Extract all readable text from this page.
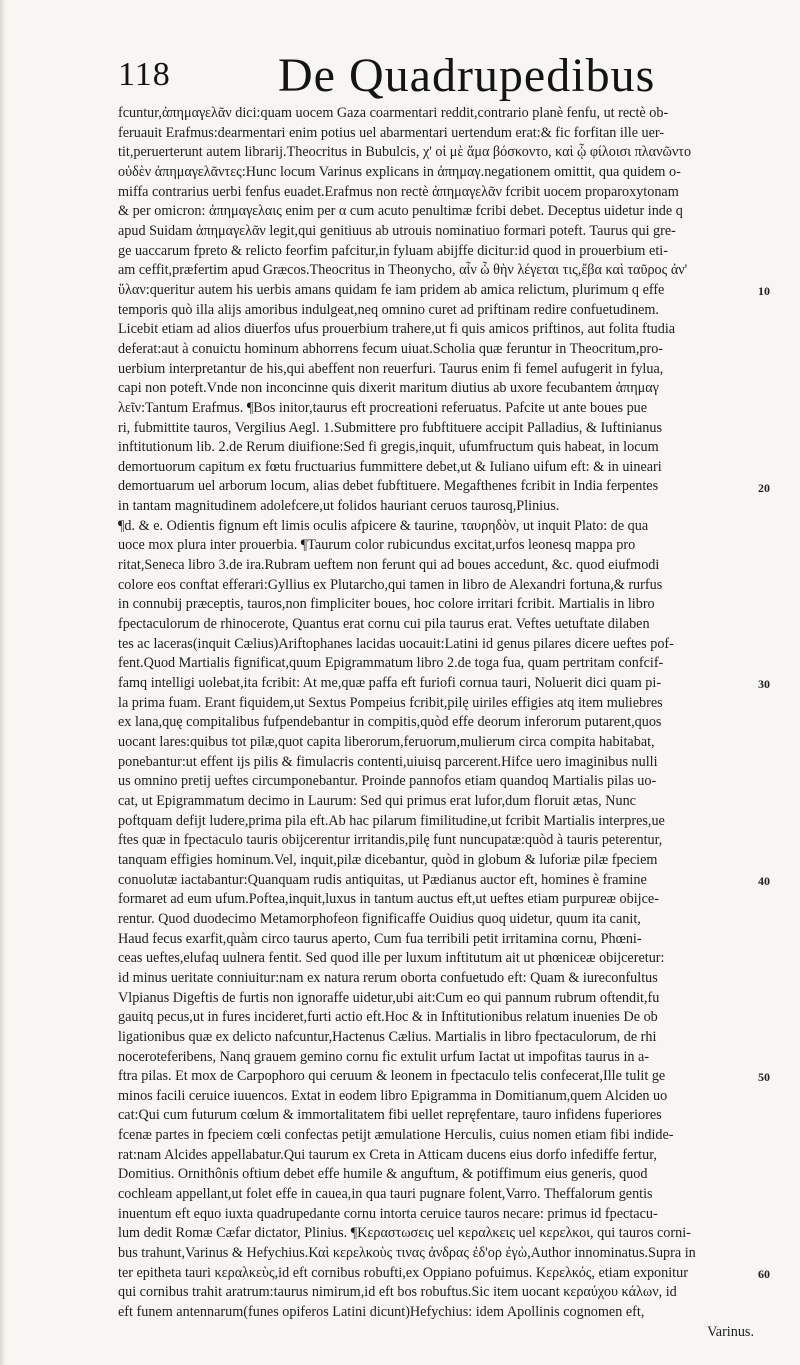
118 De Quadrupedibus
fcuntur,ἀπημαγελᾶν dici:quam uocem Gaza coarmentari reddit,contrario planè fenfu, ut rectè ob-
feruauit Erafmus:dearmentari enim potius uel abarmentari uertendum erat:& fic forfitan ille uer-
tit,peruerterunt autem librarij.Theocritus in Bubulcis, χ' οἱ μὲ ἄμα βόσκοντο, καὶ ᾧ φίλοισι πλανῶντο
οὐδὲν ἀπημαγελᾶντες:Hunc locum Varinus explicans in ἀπημαγ.negationem omittit, qua quidem o-
miffa contrarius uerbi fenfus euadet.Erafmus non rectè ἀπημαγελᾶν fcribit uocem proparoxytonam
& per omicron: ἀπημαγελαις enim per α cum acuto penultimæ fcribi debet. Deceptus uidetur inde q
apud Suidam ἀπημαγελᾶν legit,qui genitiuus ab utrouis nominatiuo formari poteft. Taurus qui gre-
ge uaccarum fpreto & relicto feorfim pafcitur,in fyluam abijffe dicitur:id quod in prouerbium eti-
am ceffit,præfertim apud Græcos.Theocritus in Theonycho, αἶν ὧ θὴν λέγεται τις,ἔβα καὶ ταῦρος ἀν'
ὕλαν:queritur autem his uerbis amans quidam fe iam pridem ab amica relictum, plurimum q effe
temporis quò illa alijs amoribus indulgeat,neq omnino curet ad priftinam redire confuetudinem.
Licebit etiam ad alios diuerfos ufus prouerbium trahere,ut fi quis amicos priftinos, aut folita ftudia
deferat:aut à conuictu hominum abhorrens fecum uiuat.Scholia quæ feruntur in Theocritum,pro-
uerbium interpretantur de his,qui abeffent non reuerfuri. Taurus enim fi femel aufugerit in fylua,
capi non poteft.Vnde non inconcinne quis dixerit maritum diutius ab uxore fecubantem ἀπημαγ
λεῖν:Tantum Erafmus. ¶Bos initor,taurus eft procreationi referuatus. Pafcite ut ante boues pue
ri, fubmittite tauros, Vergilius Aegl. 1.Submittere pro fubftituere accipit Palladius, & Iuftinianus
inftitutionum lib. 2.de Rerum diuifione:Sed fi gregis,inquit, ufumfructum quis habeat, in locum
demortuorum capitum ex fœtu fructuarius fummittere debet,ut & Iuliano uifum eft: & in uineari
demortuarum uel arborum locum, alias debet fubftituere. Megafthenes fcribit in India ferpentes
in tantam magnitudinem adolefcere,ut folidos hauriant ceruos taurosq,Plinius.
¶d. & e. Odientis fignum eft limis oculis afpicere & taurine, ταυρηδὸν, ut inquit Plato: de qua
uoce mox plura inter prouerbia. ¶Taurum color rubicundus excitat,urfos leonesq mappa pro
ritat,Seneca libro 3.de ira.Rubram ueftem non ferunt qui ad boues accedunt, &c. quod eiufmodi
colore eos conftat efferari:Gyllius ex Plutarcho,qui tamen in libro de Alexandri fortuna,& rurfus
in connubij præceptis, tauros,non fimpliciter boues, hoc colore irritari fcribit. Martialis in libro
fpectaculorum de rhinocerote, Quantus erat cornu cui pila taurus erat. Veftes uetuftate dilaben
tes ac laceras(inquit Cælius)Ariftophanes lacidas uocauit:Latini id genus pilares dicere ueftes pof-
fent.Quod Martialis fignificat,quum Epigrammatum libro 2.de toga fua, quam pertritam confcif-
famq intelligi uolebat,ita fcribit: At me,quæ paffa eft furiofi cornua tauri, Noluerit dici quam pi-
la prima fuam. Erant fiquidem,ut Sextus Pompeius fcribit,pilę uiriles effigies atq item muliebres
ex lana,quę compitalibus fufpendebantur in compitis,quòd effe deorum inferorum putarent,quos
uocant lares:quibus tot pilæ,quot capita liberorum,feruorum,mulierum circa compita habitabat,
ponebantur:ut effent ijs pilis & fimulacris contenti,uiuisq parcerent.Hifce uero imaginibus nulli
us omnino pretij ueftes circumponebantur. Proinde pannofos etiam quandoq Martialis pilas uo-
cat, ut Epigrammatum decimo in Laurum: Sed qui primus erat lufor,dum floruit ætas, Nunc
poftquam defijt ludere,prima pila eft.Ab hac pilarum fimilitudine,ut fcribit Martialis interpres,ue
ftes quæ in fpectaculo tauris obijcerentur irritandis,pilę funt nuncupatæ:quòd à tauris peterentur,
tanquam effigies hominum.Vel, inquit,pilæ dicebantur, quòd in globum & luforiæ pilæ fpeciem
conuolutæ iactabantur:Quanquam rudis antiquitas, ut Pædianus auctor eft, homines è framine
formaret ad eum ufum.Poftea,inquit,luxus in tantum auctus eft,ut ueftes etiam purpureæ obijce-
rentur. Quod duodecimo Metamorphofeon fignificaffe Ouidius quoq uidetur, quum ita canit,
Haud fecus exarfit,quàm circo taurus aperto, Cum fua terribili petit irritamina cornu, Phœni-
ceas ueftes,elufaq uulnera fentit. Sed quod ille per luxum inftitutum ait ut phœniceæ obijceretur:
id minus ueritate conniuitur:nam ex natura rerum oborta confuetudo eft: Quam & iureconfultus
Vlpianus Digeftis de furtis non ignoraffe uidetur,ubi ait:Cum eo qui pannum rubrum oftendit,fu
gauitq pecus,ut in fures incideret,furti actio eft.Hoc & in Inftitutionibus relatum inuenies De ob
ligationibus quæ ex delicto nafcuntur,Hactenus Cælius. Martialis in libro fpectaculorum, de rhi
noceroteferibens, Nanq grauem gemino cornu fic extulit urfum Iactat ut impofitas taurus in a-
ftra pilas. Et mox de Carpophoro qui ceruum & leonem in fpectaculo telis confecerat,Ille tulit ge
minos facili ceruice iuuencos. Extat in eodem libro Epigramma in Domitianum,quem Alciden uo
cat:Qui cum futurum cœlum & immortalitatem fibi uellet repręfentare, tauro infidens fuperiores
fcenæ partes in fpeciem cœli confectas petijt æmulatione Herculis, cuius nomen etiam fibi indide-
rat:nam Alcides appellabatur.Qui taurum ex Creta in Atticam ducens eius dorfo infediffe fertur,
Domitius. Ornithônis oftium debet effe humile & anguftum, & potiffimum eius generis, quod
cochleam appellant,ut folet effe in cauea,in qua tauri pugnare folent,Varro. Theffalorum gentis
inuentum eft equo iuxta quadrupedante cornu intorta ceruice tauros necare: primus id fpectacu-
lum dedit Romæ Cæfar dictator, Plinius. ¶Κεραστωσεις uel κεραλκεις uel κερελκοι, qui tauros corni-
bus trahunt,Varinus & Hefychius.Καὶ κερελκοὺς τινας ἀνδρας ἐδ'ορ ἐγὼ,Author innominatus.Supra in
ter epitheta tauri κεραλκεὺς,id eft cornibus robufti,ex Oppiano pofuimus. Κερελκός, etiam exponitur
qui cornibus trahit aratrum:taurus nimirum,id eft bos robuftus.Sic item uocant κεραύχου κάλων, id
eft funem antennarum(funes opiferos Latini dicunt)Hefychius: idem Apollinis cognomen eft,
Varinus.
10
20
30
40
50
60
